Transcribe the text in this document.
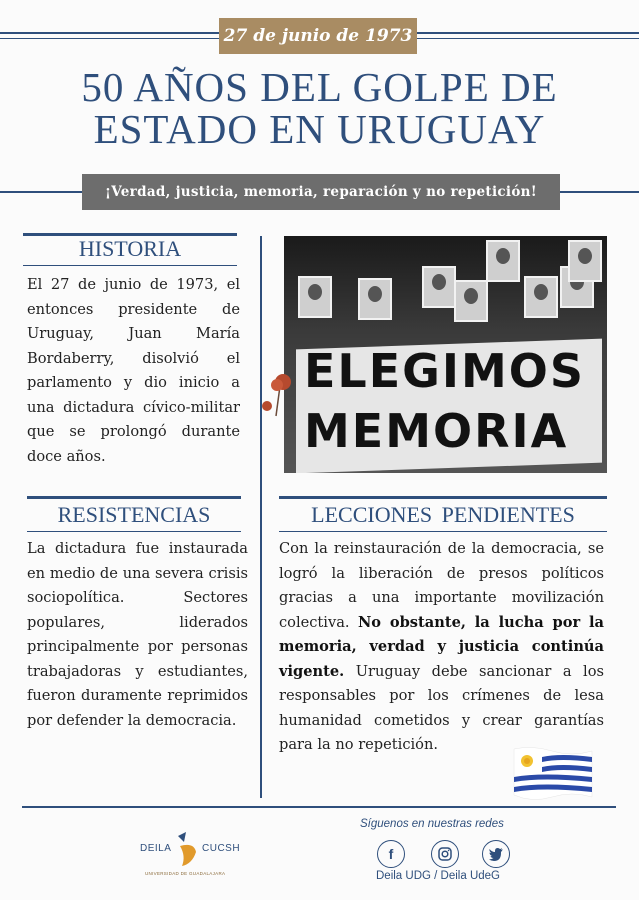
27 de junio de 1973
50 AÑOS DEL GOLPE DE
ESTADO EN URUGUAY
¡Verdad, justicia, memoria, reparación y no repetición!
HISTORIA
El 27 de junio de 1973, el entonces presidente de Uruguay, Juan María Bordaberry, disolvió el parlamento y dio inicio a una dictadura cívico-militar que se prolongó durante doce años.
RESISTENCIAS
La dictadura fue instaurada en medio de una severa crisis sociopolítica. Sectores populares, liderados principalmente por personas trabajadoras y estudiantes, fueron duramente reprimidos por defender la democracia.
ELEGIMOS
MEMORIA
LECCIONES PENDIENTES
Con la reinstauración de la democracia, se logró la liberación de presos políticos gracias a una importante movilización colectiva. No obstante, la lucha por la memoria, verdad y justicia continúa vigente. Uruguay debe sancionar a los responsables por los crímenes de lesa humanidad cometidos y crear garantías para la no repetición.
DEILA	CUCSH
UNIVERSIDAD DE GUADALAJARA
Síguenos en nuestras redes
f
Deila UDG / Deila UdeG
